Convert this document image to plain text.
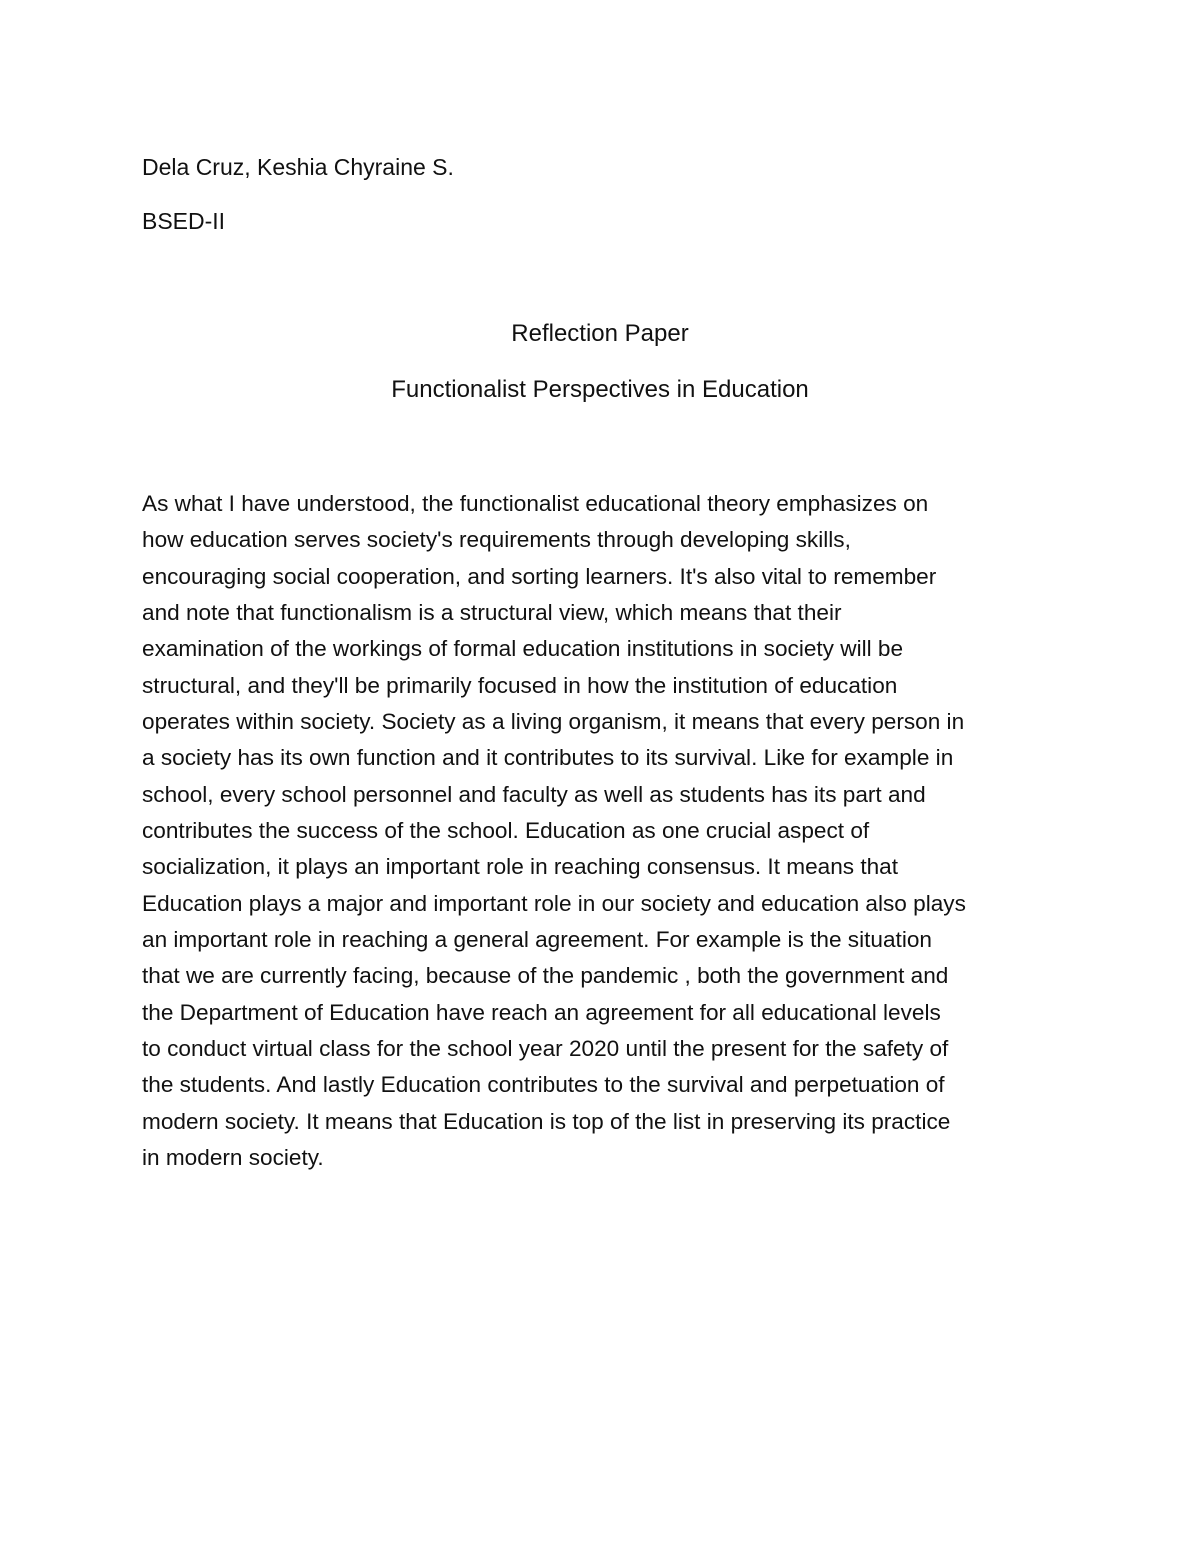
Dela Cruz, Keshia Chyraine S.
BSED-II
Reflection Paper
Functionalist Perspectives in Education
As what I have understood, the functionalist educational theory emphasizes on
how education serves society's requirements through developing skills,
encouraging social cooperation, and sorting learners. It's also vital to remember
and note that functionalism is a structural view, which means that their
examination of the workings of formal education institutions in society will be
structural, and they'll be primarily focused in how the institution of education
operates within society. Society as a living organism, it means that every person in
a society has its own function and it contributes to its survival. Like for example in
school, every school personnel and faculty as well as students has its part and
contributes the success of the school. Education as one crucial aspect of
socialization, it plays an important role in reaching consensus. It means that
Education plays a major and important role in our society and education also plays
an important role in reaching a general agreement. For example is the situation
that we are currently facing, because of the pandemic , both the government and
the Department of Education have reach an agreement for all educational levels
to conduct virtual class for the school year 2020 until the present for the safety of
the students. And lastly Education contributes to the survival and perpetuation of
modern society. It means that Education is top of the list in preserving its practice
in modern society.
